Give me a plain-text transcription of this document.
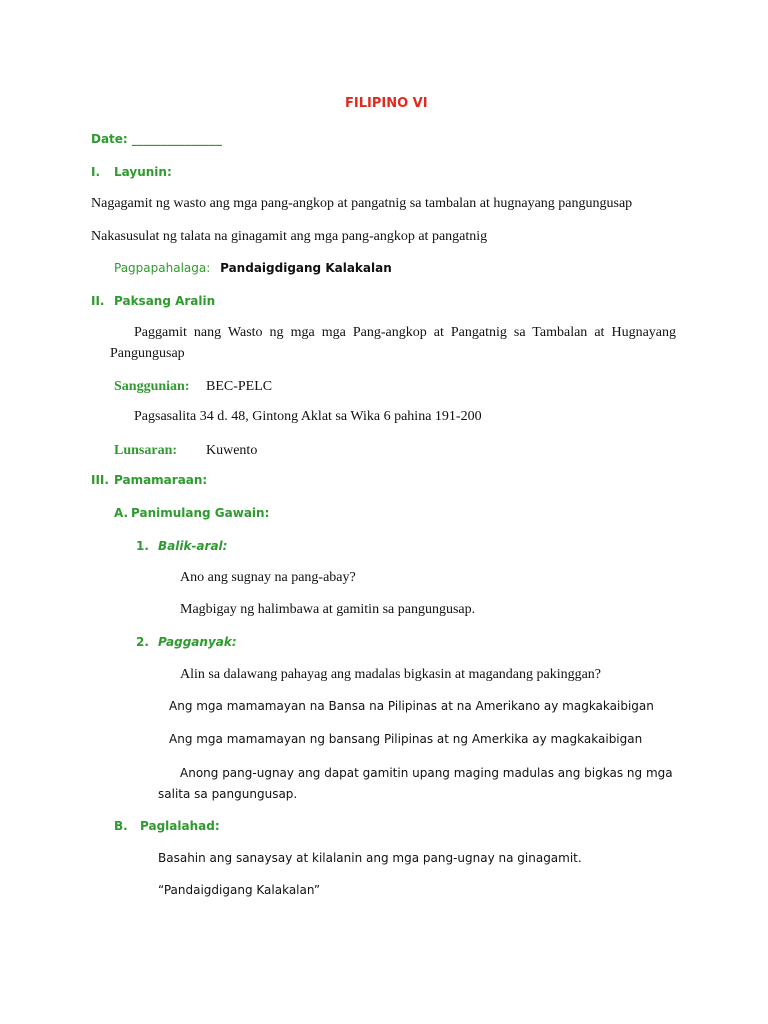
FILIPINO VI
Date: _______________
I. Layunin:
Nagagamit ng wasto ang mga pang-angkop at pangatnig sa tambalan at hugnayang pangungusap
Nakasusulat ng talata na ginagamit ang mga pang-angkop at pangatnig
Pagpapahalaga: Pandaigdigang Kalakalan
II. Paksang Aralin
Paggamit nang Wasto ng mga mga Pang-angkop at Pangatnig sa Tambalan at Hugnayang Pangungusap
Sanggunian: BEC-PELC
Pagsasalita 34 d. 48, Gintong Aklat sa Wika 6 pahina 191-200
Lunsaran: Kuwento
III. Pamamaraan:
A. Panimulang Gawain:
1. Balik-aral:
Ano ang sugnay na pang-abay?
Magbigay ng halimbawa at gamitin sa pangungusap.
2. Pagganyak:
Alin sa dalawang pahayag ang madalas bigkasin at magandang pakinggan?
Ang mga mamamayan na Bansa na Pilipinas at na Amerikano ay magkakaibigan
Ang mga mamamayan ng bansang Pilipinas at ng Amerkika ay magkakaibigan
Anong pang-ugnay ang dapat gamitin upang maging madulas ang bigkas ng mga salita sa pangungusap.
B. Paglalahad:
Basahin ang sanaysay at kilalanin ang mga pang-ugnay na ginagamit.
“Pandaigdigang Kalakalan”
